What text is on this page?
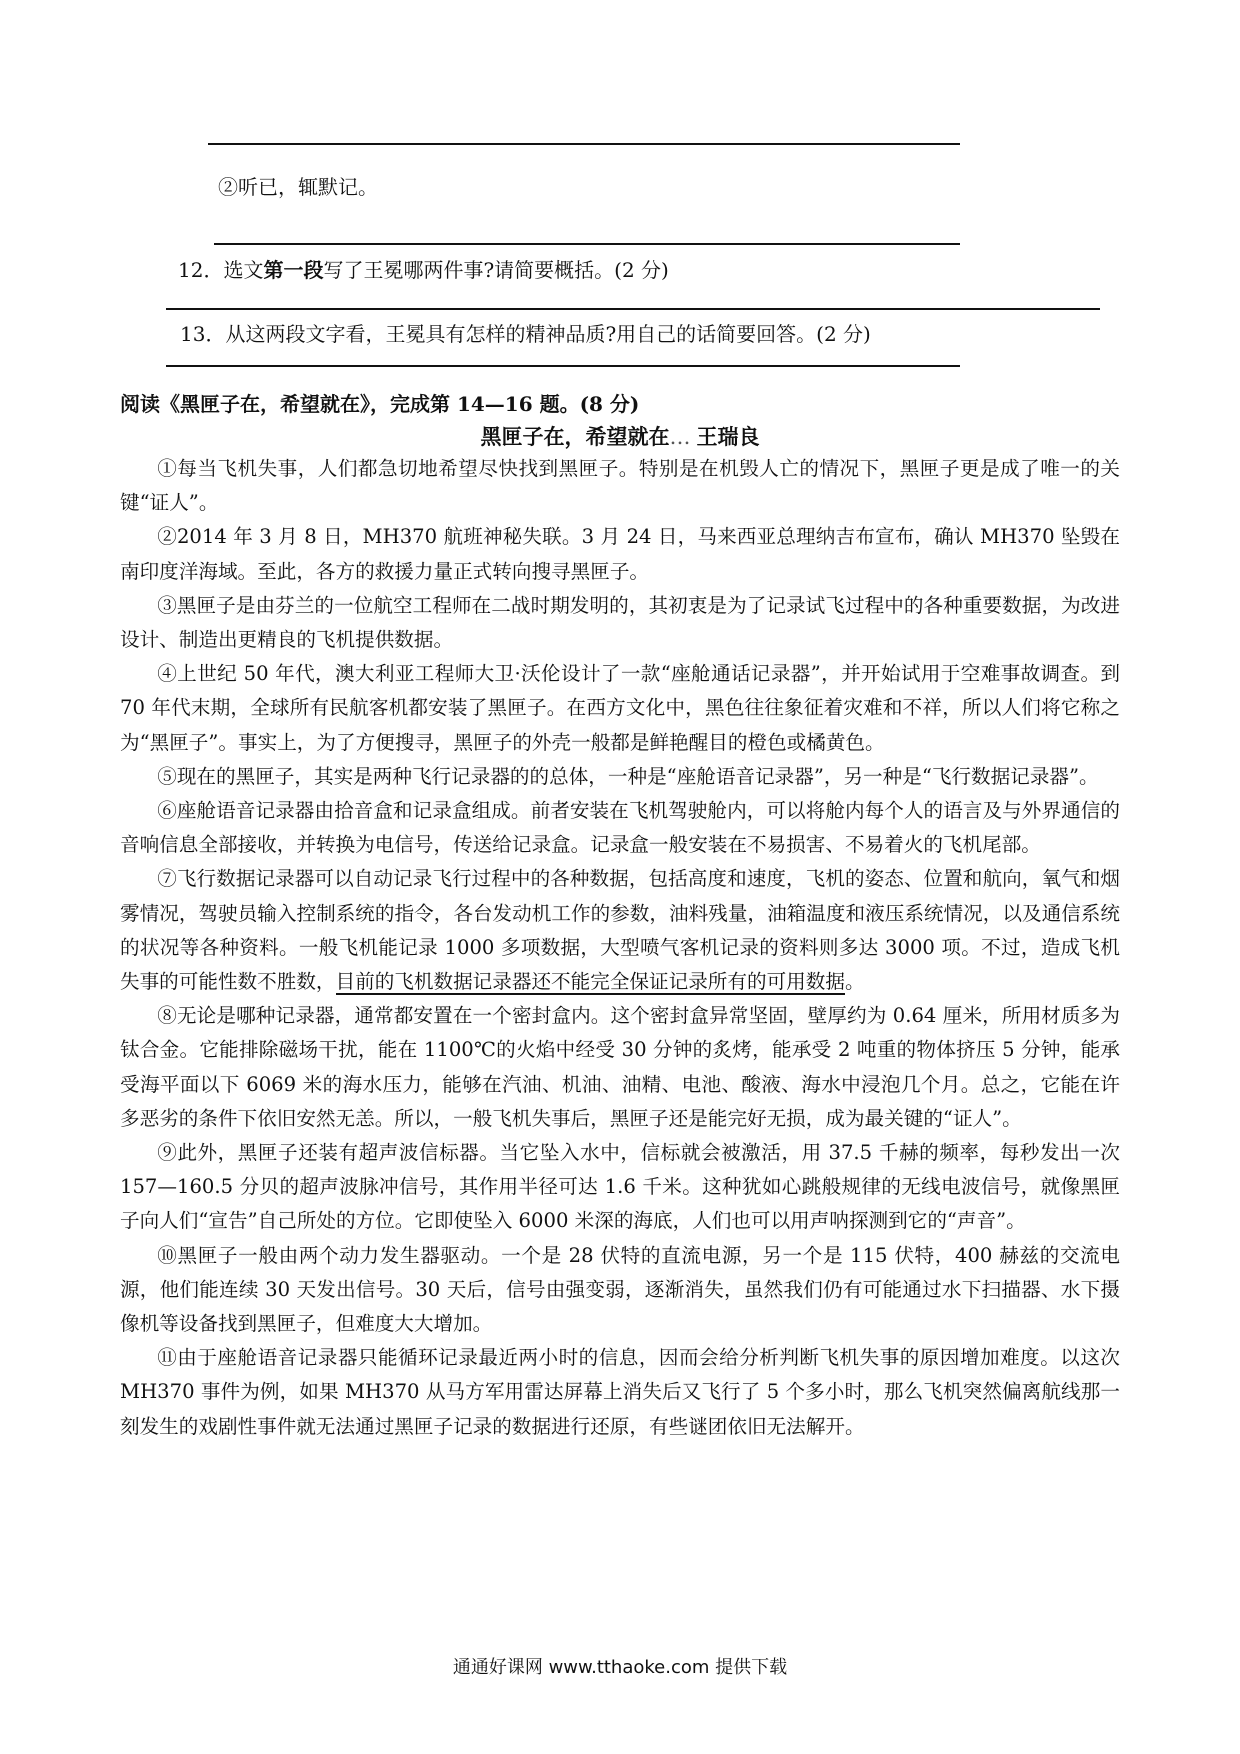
②听已，辄默记。
12．选文第一段写了王冕哪两件事?请简要概括。(2 分)
13．从这两段文字看，王冕具有怎样的精神品质?用自己的话简要回答。(2 分)
阅读《黑匣子在，希望就在》，完成第 14—16 题。(8 分)
黑匣子在，希望就在… 王瑞良

①每当飞机失事，人们都急切地希望尽快找到黑匣子。特别是在机毁人亡的情况下，黑匣子更是成了唯一的关键“证人”。

②2014 年 3 月 8 日，MH370 航班神秘失联。3 月 24 日，马来西亚总理纳吉布宣布，确认 MH370 坠毁在南印度洋海域。至此，各方的救援力量正式转向搜寻黑匣子。

③黑匣子是由芬兰的一位航空工程师在二战时期发明的，其初衷是为了记录试飞过程中的各种重要数据，为改进设计、制造出更精良的飞机提供数据。

④上世纪 50 年代，澳大利亚工程师大卫·沃伦设计了一款“座舱通话记录器”，并开始试用于空难事故调查。到 70 年代末期，全球所有民航客机都安装了黑匣子。在西方文化中，黑色往往象征着灾难和不祥，所以人们将它称之为“黑匣子”。事实上，为了方便搜寻，黑匣子的外壳一般都是鲜艳醒目的橙色或橘黄色。

⑤现在的黑匣子，其实是两种飞行记录器的的总体，一种是“座舱语音记录器”，另一种是“飞行数据记录器”。

⑥座舱语音记录器由拾音盒和记录盒组成。前者安装在飞机驾驶舱内，可以将舱内每个人的语言及与外界通信的音响信息全部接收，并转换为电信号，传送给记录盒。记录盒一般安装在不易损害、不易着火的飞机尾部。

⑦飞行数据记录器可以自动记录飞行过程中的各种数据，包括高度和速度，飞机的姿态、位置和航向，氧气和烟雾情况，驾驶员输入控制系统的指令，各台发动机工作的参数，油料残量，油箱温度和液压系统情况，以及通信系统的状况等各种资料。一般飞机能记录 1000 多项数据，大型喷气客机记录的资料则多达 3000 项。不过，造成飞机失事的可能性数不胜数，目前的飞机数据记录器还不能完全保证记录所有的可用数据。

⑧无论是哪种记录器，通常都安置在一个密封盒内。这个密封盒异常坚固，壁厚约为 0.64 厘米，所用材质多为钛合金。它能排除磁场干扰，能在 1100℃的火焰中经受 30 分钟的炙烤，能承受 2 吨重的物体挤压 5 分钟，能承受海平面以下 6069 米的海水压力，能够在汽油、机油、油精、电池、酸液、海水中浸泡几个月。总之，它能在许多恶劣的条件下依旧安然无恙。所以，一般飞机失事后，黑匣子还是能完好无损，成为最关键的“证人”。

⑨此外，黑匣子还装有超声波信标器。当它坠入水中，信标就会被激活，用 37.5 千赫的频率，每秒发出一次 157—160.5 分贝的超声波脉冲信号，其作用半径可达 1.6 千米。这种犹如心跳般规律的无线电波信号，就像黑匣子向人们“宣告”自己所处的方位。它即使坠入 6000 米深的海底，人们也可以用声呐探测到它的“声音”。

⑩黑匣子一般由两个动力发生器驱动。一个是 28 伏特的直流电源，另一个是 115 伏特，400 赫兹的交流电源，他们能连续 30 天发出信号。30 天后，信号由强变弱，逐渐消失，虽然我们仍有可能通过水下扫描器、水下摄像机等设备找到黑匣子，但难度大大增加。

⑪由于座舱语音记录器只能循环记录最近两小时的信息，因而会给分析判断飞机失事的原因增加难度。以这次 MH370 事件为例，如果 MH370 从马方军用雷达屏幕上消失后又飞行了 5 个多小时，那么飞机突然偏离航线那一刻发生的戏剧性事件就无法通过黑匣子记录的数据进行还原，有些谜团依旧无法解开。

通通好课网 www.tthaoke.com 提供下载
